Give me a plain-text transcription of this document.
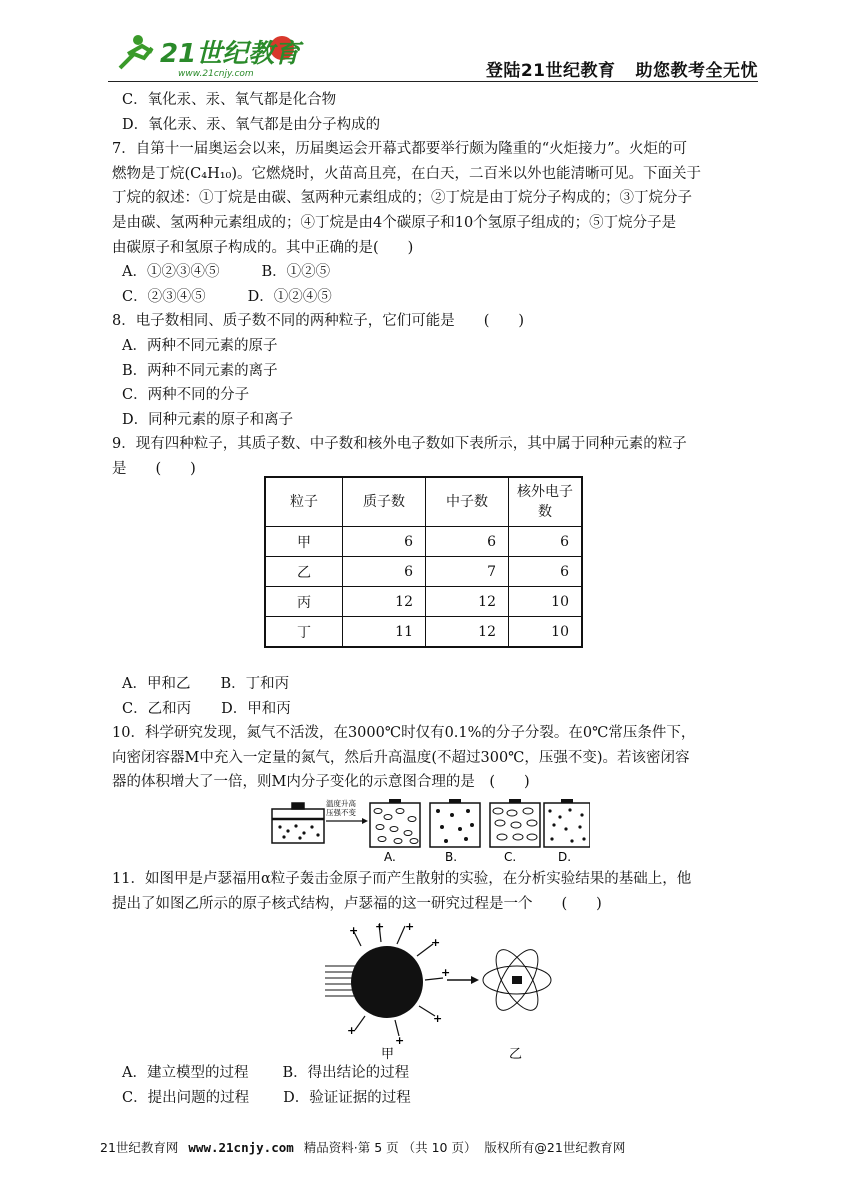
21世纪教育
www.21cnjy.com	登陆21世纪教育 助您教考全无忧
C．氧化汞、汞、氧气都是化合物
D．氧化汞、汞、氧气都是由分子构成的
7．自第十一届奥运会以来，历届奥运会开幕式都要举行颇为隆重的“火炬接力”。火炬的可
燃物是丁烷(C₄H₁₀)。它燃烧时，火苗高且亮，在白天，二百米以外也能清晰可见。下面关于
丁烷的叙述：①丁烷是由碳、氢两种元素组成的；②丁烷是由丁烷分子构成的；③丁烷分子
是由碳、氢两种元素组成的；④丁烷是由4个碳原子和10个氢原子组成的；⑤丁烷分子是
由碳原子和氢原子构成的。其中正确的是(　　)
A．①②③④⑤	B．①②⑤
C．②③④⑤	D．①②④⑤
8．电子数相同、质子数不同的两种粒子，它们可能是　　(　　)
A．两种不同元素的原子
B．两种不同元素的离子
C．两种不同的分子
D．同种元素的原子和离子
9．现有四种粒子，其质子数、中子数和核外电子数如下表所示，其中属于同种元素的粒子
是　　(　　)
粒子	质子数	中子数	核外电子数
甲	6	6	6
乙	6	7	6
丙	12	12	10
丁	11	12	10
A．甲和乙 B．丁和丙
C．乙和丙 D．甲和丙
10．科学研究发现，氮气不活泼，在3000℃时仅有0.1%的分子分裂。在0℃常压条件下，
向密闭容器M中充入一定量的氮气，然后升高温度(不超过300℃，压强不变)。若该密闭容
器的体积增大了一倍，则M内分子变化的示意图合理的是　(　　)
温度升高
压强不变
A.	B.	C.	D.
11．如图甲是卢瑟福用α粒子轰击金原子而产生散射的实验，在分析实验结果的基础上，他
提出了如图乙所示的原子核式结构，卢瑟福的这一研究过程是一个　　(　　)
+ + +
+
+
+
+
+
甲	乙
A．建立模型的过程 B．得出结论的过程
C．提出问题的过程 D．验证证据的过程
21世纪教育网 www.21cnjy.com 精品资料·第 5 页 （共 10 页） 版权所有@21世纪教育网
